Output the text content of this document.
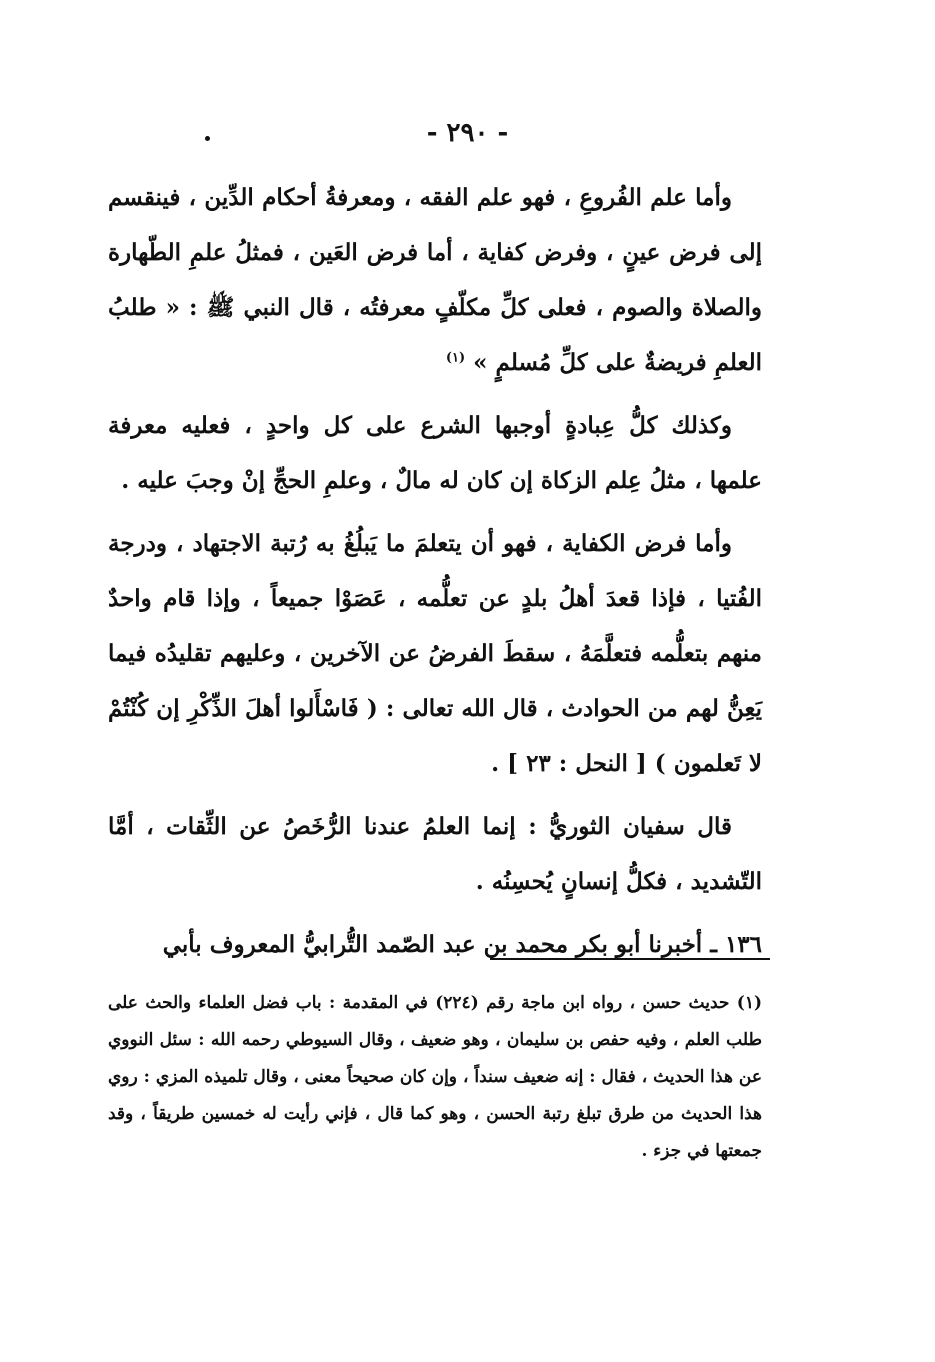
- ٢٩٠ -

وأما علم الفُروعِ ، فهو علم الفقه ، ومعرفةُ أحكام الدِّين ، فينقسم إلى فرض عينٍ ، وفرض كفاية ، أما فرض العَين ، فمثلُ علمِ الطّهارة والصلاة والصوم ، فعلى كلِّ مكلّفٍ معرفتُه ، قال النبي ﷺ : « طلبُ العلمِ فريضةٌ على كلِّ مُسلمٍ » $^{(١)}$

وكذلك كلُّ عِبادةٍ أوجبها الشرع على كل واحدٍ ، فعليه معرفة علمها ، مثلُ عِلم الزكاة إن كان له مالٌ ، وعلمِ الحجِّ إنْ وجبَ عليه .

وأما فرض الكفاية ، فهو أن يتعلمَ ما يَبلُغُ به رُتبة الاجتهاد ، ودرجة الفُتيا ، فإذا قعدَ أهلُ بلدٍ عن تعلُّمه ، عَصَوْا جميعاً ، وإذا قام واحدٌ منهم بتعلُّمه فتعلَّمَهُ ، سقطَ الفرضُ عن الآخرين ، وعليهم تقليدُه فيما يَعِنُّ لهم من الحوادث ، قال الله تعالى : ( فَاسْأَلوا أهلَ الذِّكْرِ إن كُنْتُمْ لا تَعلمون ) [ النحل : ٢٣ ] .

قال سفيان الثوريُّ : إنما العلمُ عندنا الرُّخَصُ عن الثِّقات ، أمَّا التّشديد ، فكلُّ إنسانٍ يُحسِنُه .

١٣٦ ـ أخبرنا أبو بكر محمد بن عبد الصّمد التُّرابيُّ المعروف بأبي

(١) حديث حسن ، رواه ابن ماجة رقم (٢٢٤) في المقدمة : باب فضل العلماء والحث على طلب العلم ، وفيه حفص بن سليمان ، وهو ضعيف ، وقال السيوطي رحمه الله : سئل النووي عن هذا الحديث ، فقال : إنه ضعيف سنداً ، وإن كان صحيحاً معنى ، وقال تلميذه المزي : روي هذا الحديث من طرق تبلغ رتبة الحسن ، وهو كما قال ، فإني رأيت له خمسين طريقاً ، وقد جمعتها في جزء .
